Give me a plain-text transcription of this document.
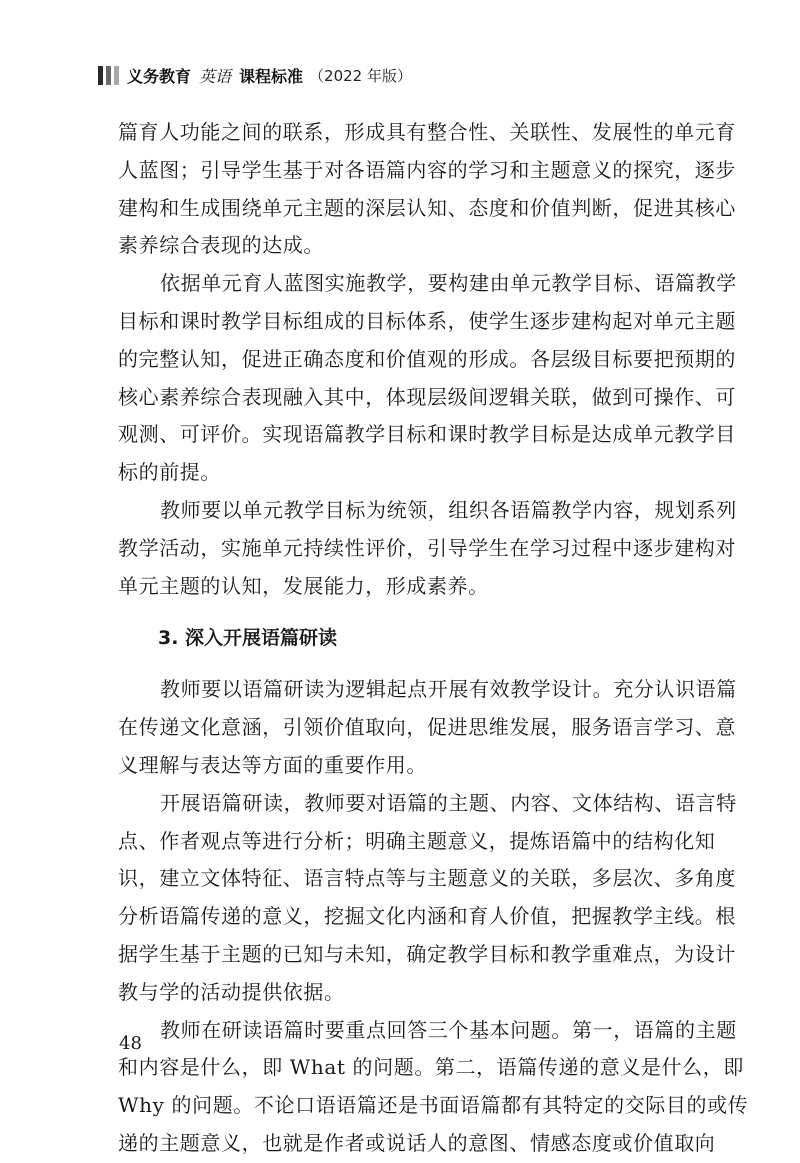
义务教育 英语 课程标准 （2022 年版）
篇育人功能之间的联系，形成具有整合性、关联性、发展性的单元育
人蓝图；引导学生基于对各语篇内容的学习和主题意义的探究，逐步
建构和生成围绕单元主题的深层认知、态度和价值判断，促进其核心
素养综合表现的达成。
依据单元育人蓝图实施教学，要构建由单元教学目标、语篇教学
目标和课时教学目标组成的目标体系，使学生逐步建构起对单元主题
的完整认知，促进正确态度和价值观的形成。各层级目标要把预期的
核心素养综合表现融入其中，体现层级间逻辑关联，做到可操作、可
观测、可评价。实现语篇教学目标和课时教学目标是达成单元教学目
标的前提。
教师要以单元教学目标为统领，组织各语篇教学内容，规划系列
教学活动，实施单元持续性评价，引导学生在学习过程中逐步建构对
单元主题的认知，发展能力，形成素养。
3. 深入开展语篇研读
教师要以语篇研读为逻辑起点开展有效教学设计。充分认识语篇
在传递文化意涵，引领价值取向，促进思维发展，服务语言学习、意
义理解与表达等方面的重要作用。
开展语篇研读，教师要对语篇的主题、内容、文体结构、语言特
点、作者观点等进行分析；明确主题意义，提炼语篇中的结构化知
识，建立文体特征、语言特点等与主题意义的关联，多层次、多角度
分析语篇传递的意义，挖掘文化内涵和育人价值，把握教学主线。根
据学生基于主题的已知与未知，确定教学目标和教学重难点，为设计
教与学的活动提供依据。
教师在研读语篇时要重点回答三个基本问题。第一，语篇的主题
和内容是什么，即 What 的问题。第二，语篇传递的意义是什么，即
Why 的问题。不论口语语篇还是书面语篇都有其特定的交际目的或传
递的主题意义，也就是作者或说话人的意图、情感态度或价值取向
48
